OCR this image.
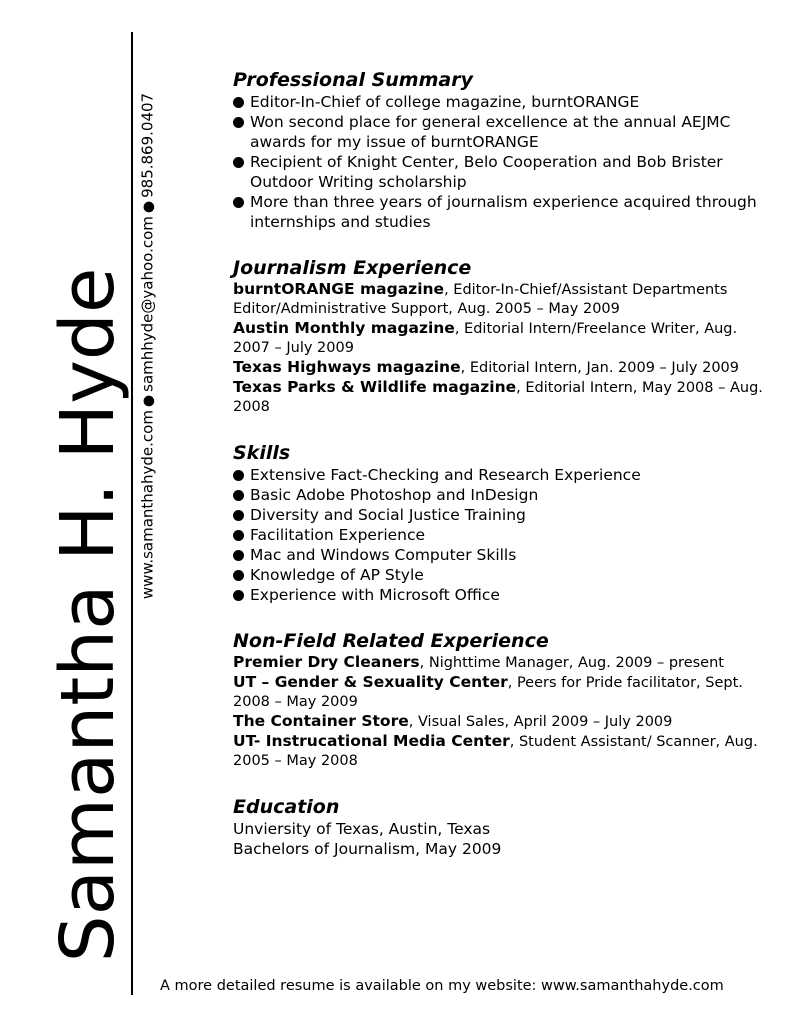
Samantha H. Hyde www.samanthahyde.com●samhhyde@yahoo.com●985.869.0407
Professional Summary
Editor-In-Chief of college magazine, burntORANGE
Won second place for general excellence at the annual AEJMC awards for my issue of burntORANGE
Recipient of Knight Center, Belo Cooperation and Bob Brister Outdoor Writing scholarship
More than three years of journalism experience acquired through internships and studies
Journalism Experience
burntORANGE magazine, Editor-In-Chief/Assistant Departments Editor/Administrative Support, Aug. 2005 – May 2009
Austin Monthly magazine, Editorial Intern/Freelance Writer, Aug. 2007 – July 2009
Texas Highways magazine, Editorial Intern, Jan. 2009 – July 2009
Texas Parks & Wildlife magazine, Editorial Intern, May 2008 – Aug. 2008
Skills
Extensive Fact-Checking and Research Experience
Basic Adobe Photoshop and InDesign
Diversity and Social Justice Training
Facilitation Experience
Mac and Windows Computer Skills
Knowledge of AP Style
Experience with Microsoft Office
Non-Field Related Experience
Premier Dry Cleaners, Nighttime Manager, Aug. 2009 – present
UT – Gender & Sexuality Center, Peers for Pride facilitator, Sept. 2008 – May 2009
The Container Store, Visual Sales, April 2009 – July 2009
UT- Instrucational Media Center, Student Assistant/ Scanner, Aug. 2005 – May 2008
Education
Unviersity of Texas, Austin, Texas
Bachelors of Journalism, May 2009
A more detailed resume is available on my website: www.samanthahyde.com
